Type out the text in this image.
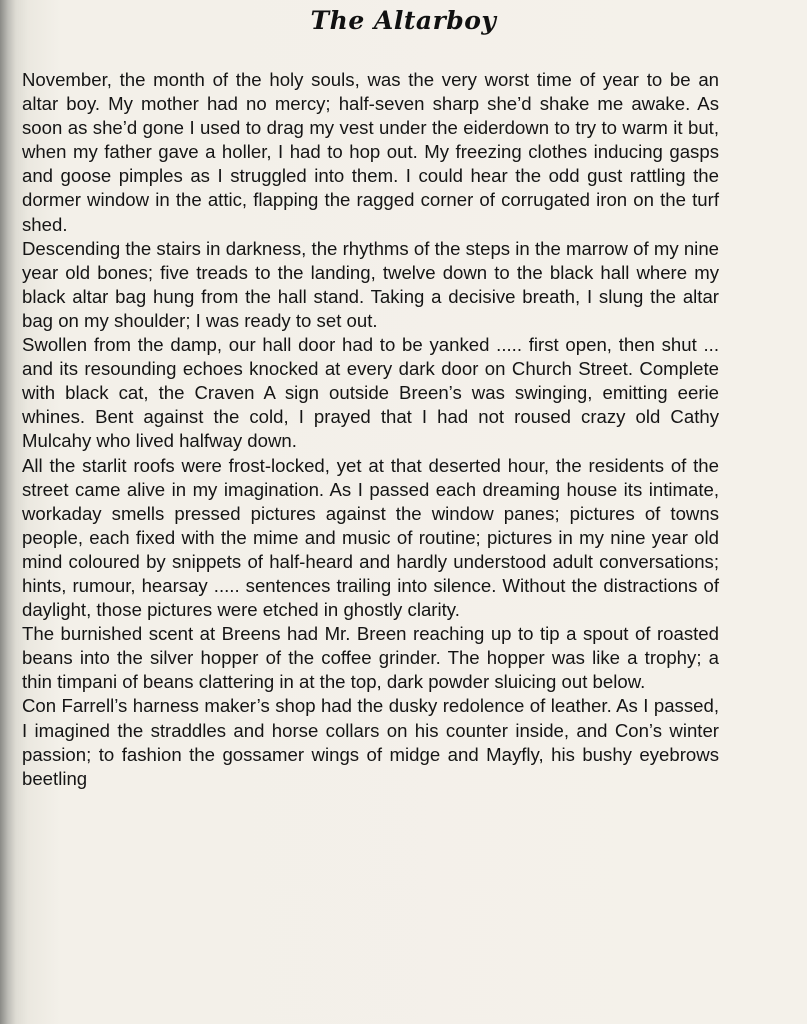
The Altarboy

November, the month of the holy souls, was the very worst time of year to be an altar boy. My mother had no mercy; half-seven sharp she’d shake me awake. As soon as she’d gone I used to drag my vest under the eiderdown to try to warm it but, when my father gave a holler, I had to hop out. My freezing clothes inducing gasps and goose pimples as I struggled into them. I could hear the odd gust rattling the dormer window in the attic, flapping the ragged corner of corrugated iron on the turf shed.

Descending the stairs in darkness, the rhythms of the steps in the marrow of my nine year old bones; five treads to the landing, twelve down to the black hall where my black altar bag hung from the hall stand. Taking a decisive breath, I slung the altar bag on my shoulder; I was ready to set out.

Swollen from the damp, our hall door had to be yanked ..... first open, then shut ... and its resounding echoes knocked at every dark door on Church Street. Complete with black cat, the Craven A sign outside Breen’s was swinging, emitting eerie whines. Bent against the cold, I prayed that I had not roused crazy old Cathy Mulcahy who lived halfway down.

All the starlit roofs were frost-locked, yet at that deserted hour, the residents of the street came alive in my imagination. As I passed each dreaming house its intimate, workaday smells pressed pictures against the window panes; pictures of towns people, each fixed with the mime and music of routine; pictures in my nine year old mind coloured by snippets of half-heard and hardly understood adult conversations; hints, rumour, hearsay ..... sentences trailing into silence. Without the distractions of daylight, those pictures were etched in ghostly clarity.

The burnished scent at Breens had Mr. Breen reaching up to tip a spout of roasted beans into the silver hopper of the coffee grinder. The hopper was like a trophy; a thin timpani of beans clattering in at the top, dark powder sluicing out below.

Con Farrell’s harness maker’s shop had the dusky redolence of leather. As I passed, I imagined the straddles and horse collars on his counter inside, and Con’s winter passion; to fashion the gossamer wings of midge and Mayfly, his bushy eyebrows beetling
